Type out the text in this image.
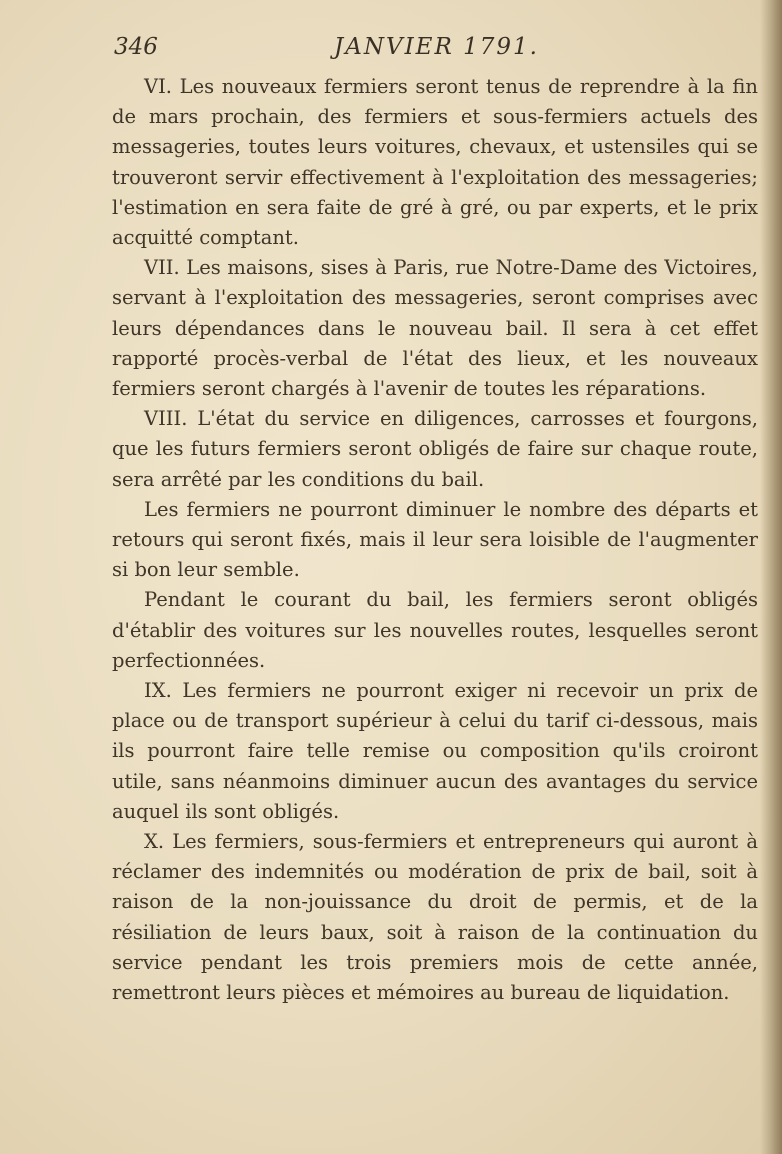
346	JANVIER 1791.

VI. Les nouveaux fermiers seront tenus de reprendre à la fin de mars prochain, des fermiers et sous-fermiers actuels des messageries, toutes leurs voitures, chevaux, et ustensiles qui se trouveront servir effectivement à l'exploitation des messageries; l'estimation en sera faite de gré à gré, ou par experts, et le prix acquitté comptant.

VII. Les maisons, sises à Paris, rue Notre-Dame des Victoires, servant à l'exploitation des messageries, seront comprises avec leurs dépendances dans le nouveau bail. Il sera à cet effet rapporté procès-verbal de l'état des lieux, et les nouveaux fermiers seront chargés à l'avenir de toutes les réparations.

VIII. L'état du service en diligences, carrosses et fourgons, que les futurs fermiers seront obligés de faire sur chaque route, sera arrêté par les conditions du bail.

Les fermiers ne pourront diminuer le nombre des départs et retours qui seront fixés, mais il leur sera loisible de l'augmenter si bon leur semble.

Pendant le courant du bail, les fermiers seront obligés d'établir des voitures sur les nouvelles routes, lesquelles seront perfectionnées.

IX. Les fermiers ne pourront exiger ni recevoir un prix de place ou de transport supérieur à celui du tarif ci-dessous, mais ils pourront faire telle remise ou composition qu'ils croiront utile, sans néanmoins diminuer aucun des avantages du service auquel ils sont obligés.

X. Les fermiers, sous-fermiers et entrepreneurs qui auront à réclamer des indemnités ou modération de prix de bail, soit à raison de la non-jouissance du droit de permis, et de la résiliation de leurs baux, soit à raison de la continuation du service pendant les trois premiers mois de cette année, remettront leurs pièces et mémoires au bureau de liquidation.
